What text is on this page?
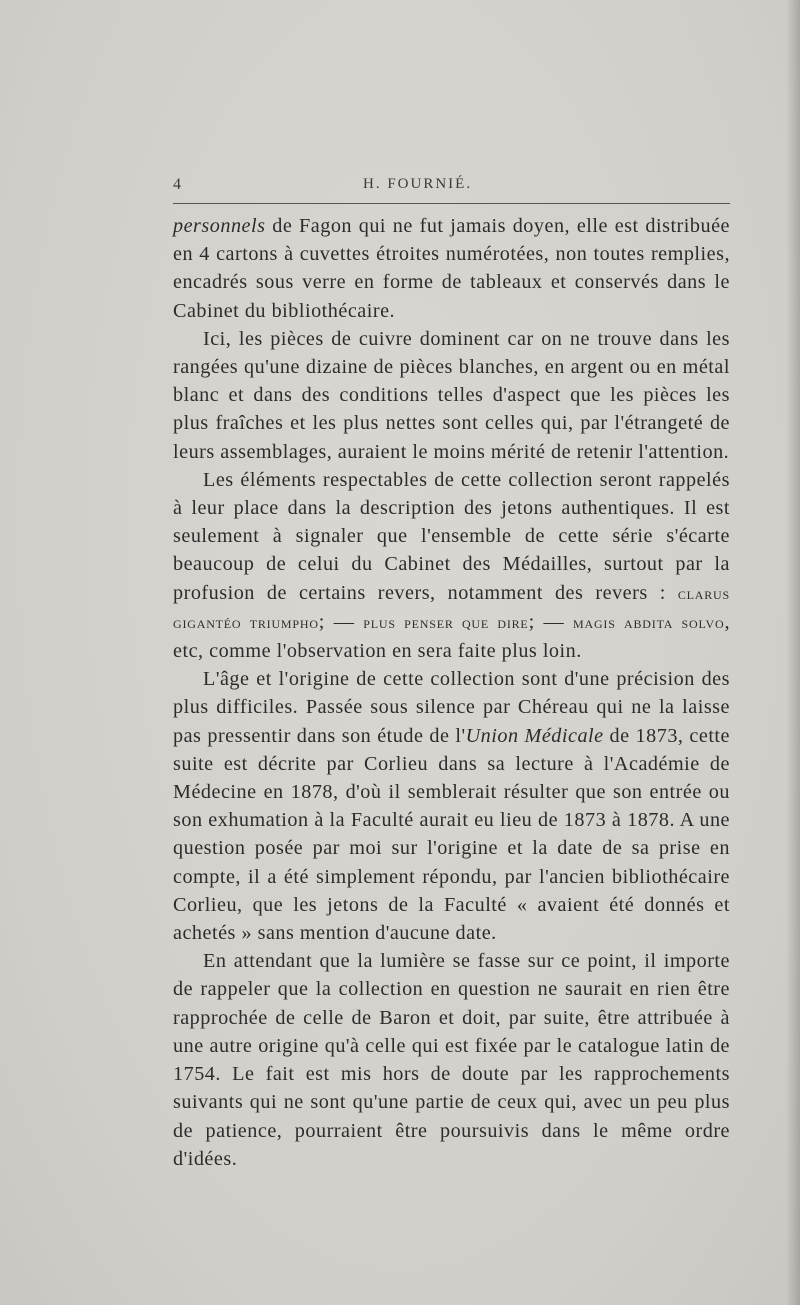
4	H. FOURNIÉ.

personnels de Fagon qui ne fut jamais doyen, elle est distribuée en 4 cartons à cuvettes étroites numérotées, non toutes remplies, encadrés sous verre en forme de tableaux et conservés dans le Cabinet du bibliothécaire.

Ici, les pièces de cuivre dominent car on ne trouve dans les rangées qu'une dizaine de pièces blanches, en argent ou en métal blanc et dans des conditions telles d'aspect que les pièces les plus fraîches et les plus nettes sont celles qui, par l'étrangeté de leurs assemblages, auraient le moins mérité de retenir l'attention.

Les éléments respectables de cette collection seront rappelés à leur place dans la description des jetons authentiques. Il est seulement à signaler que l'ensemble de cette série s'écarte beaucoup de celui du Cabinet des Médailles, surtout par la profusion de certains revers, notamment des revers : clarus gigantéo triumpho; — plus penser que dire; — magis abdita solvo, etc, comme l'observation en sera faite plus loin.

L'âge et l'origine de cette collection sont d'une précision des plus difficiles. Passée sous silence par Chéreau qui ne la laisse pas pressentir dans son étude de l'Union Médicale de 1873, cette suite est décrite par Corlieu dans sa lecture à l'Académie de Médecine en 1878, d'où il semblerait résulter que son entrée ou son exhumation à la Faculté aurait eu lieu de 1873 à 1878. A une question posée par moi sur l'origine et la date de sa prise en compte, il a été simplement répondu, par l'ancien bibliothécaire Corlieu, que les jetons de la Faculté « avaient été donnés et achetés » sans mention d'aucune date.

En attendant que la lumière se fasse sur ce point, il importe de rappeler que la collection en question ne saurait en rien être rapprochée de celle de Baron et doit, par suite, être attribuée à une autre origine qu'à celle qui est fixée par le catalogue latin de 1754. Le fait est mis hors de doute par les rapprochements suivants qui ne sont qu'une partie de ceux qui, avec un peu plus de patience, pourraient être poursuivis dans le même ordre d'idées.
